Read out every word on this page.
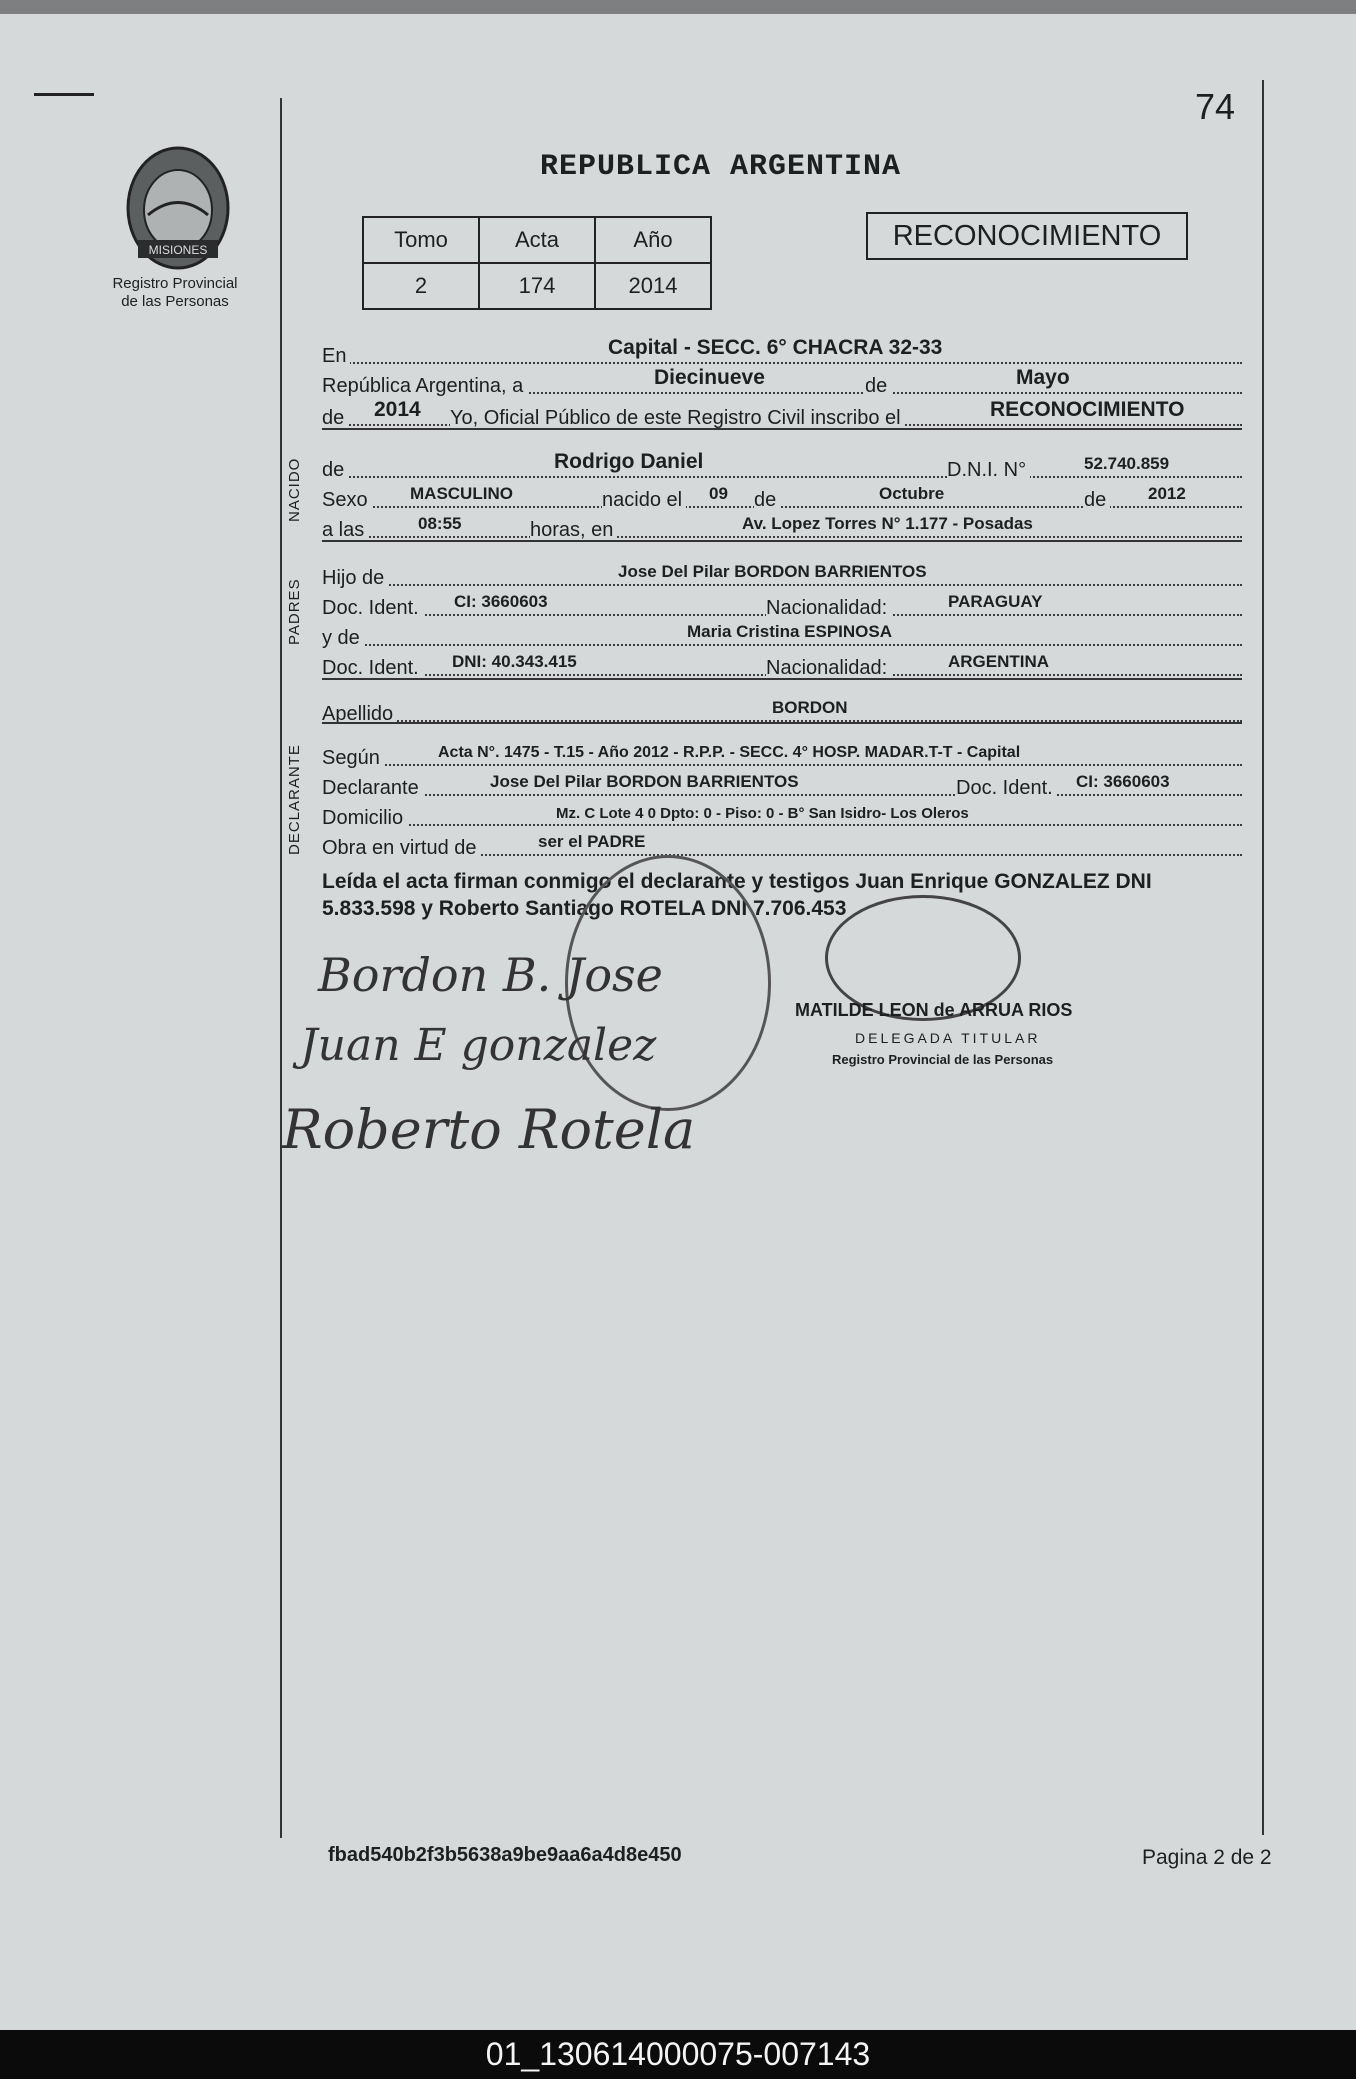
74
MISIONES
Registro Provincial
de las Personas
REPUBLICA ARGENTINA
Tomo	Acta	Año
2	174	2014
RECONOCIMIENTO
En	Capital - SECC. 6° CHACRA 32-33
República Argentina, a	Diecinueve	de	Mayo
de 2014 Yo, Oficial Público de este Registro Civil inscribo el	RECONOCIMIENTO
de	Rodrigo Daniel	D.N.I. N°	52.740.859
Sexo MASCULINO	nacido el 09 de	Octubre	de 2012
a las	08:55	horas, en	Av. Lopez Torres N° 1.177 - Posadas
Hijo de	Jose Del Pilar BORDON BARRIENTOS
Doc. Ident. CI: 3660603	Nacionalidad:	PARAGUAY
y de	Maria Cristina ESPINOSA
Doc. Ident. DNI: 40.343.415	Nacionalidad:	ARGENTINA
Apellido	BORDON
Según	Acta N°. 1475 - T.15 - Año 2012 - R.P.P. - SECC. 4° HOSP. MADAR.T-T - Capital
Declarante	Jose Del Pilar BORDON BARRIENTOS	Doc. Ident. CI: 3660603
Domicilio	Mz. C Lote 4 0 Dpto: 0 - Piso: 0 - B° San Isidro- Los Oleros
Obra en virtud de	ser el PADRE
Leída el acta firman conmigo el declarante y testigos Juan Enrique GONZALEZ DNI 5.833.598 y Roberto Santiago ROTELA DNI 7.706.453
NACIDO
PADRES
DECLARANTE
Bordon B. Jose
Juan E gonzalez
Roberto Rotela
MATILDE LEON de ARRUA RIOS
DELEGADA TITULAR
Registro Provincial de las Personas
fbad540b2f3b5638a9be9aa6a4d8e450	Pagina 2 de 2
01_130614000075-007143
